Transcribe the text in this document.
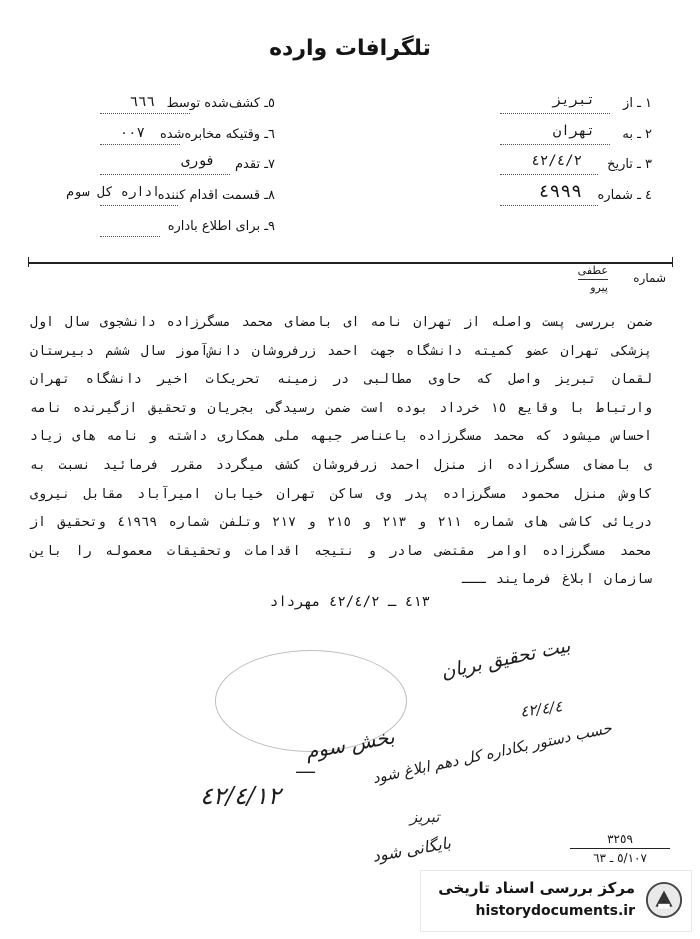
تلگرافات وارده
١ ـ از
تبریز
٢ ـ به
تهران
٣ ـ تاریخ
٤٢/٤/٢
٤ ـ شماره
٤٩٩٩
٥ـ کشف‌شده توسط
٦٦٦
٦ـ وقتیکه مخابره‌شده
٠٠٧
٧ـ تقدم
فوری
٨ـ قسمت اقدام کننده
اداره کل سوم
٩ـ برای اطلاع باداره
شماره
عطفی
پیرو

ضمن بررسی پست واصله از تهران نامه ای بامضای محمد مسگرزاده دانشجوی سال اول پزشکی تهران عضو کمیته دانشگاه جهت احمد زرفروشان دانش‌آموز سال ششم دبیرستان لقمان تبریز واصل که حاوی مطالبی در زمینه تحریکات اخیر دانشگاه تهران وارتباط با وقایع ١٥ خرداد بوده است ضمن رسیدگی بجریان وتحقیق ازگیرنده نامه احساس میشود که محمد مسگرزاده باعناصر جبهه ملی همکاری داشته و نامه های زیاد ی بامضای مسگرزاده از منزل احمد زرفروشان کشف میگردد مقرر فرمائید نسبت به کاوش منزل محمود مسگرزاده پدر وی ساکن تهران خیابان امیرآباد مقابل نیروی دریائی کاشی های شماره ٢١١ و ٢١٣ و ٢١٥ و ٢١٧ وتلفن شماره ٤١٩٦٩ وتحقیق از محمد مسگرزاده اوامر مقتضی صادر و نتیجه اقدامات وتحقیقات معموله را باین سازمان ابلاغ فرمایند ـــ

٤١٣ ـ ٤٢/٤/٢ مهرداد
بیت تحقیق بریان
٤٢/٤/٤
بخش سوم
ــــ
٤٢/٤/١٢
حسب دستور بکاداره کل دهم ابلاغ شود
تبریز
بایگانی شود	٣٢٥٩
٥/١٠٧ ـ ٦٣
مرکز بررسی اسناد تاریخی
historydocuments.ir
